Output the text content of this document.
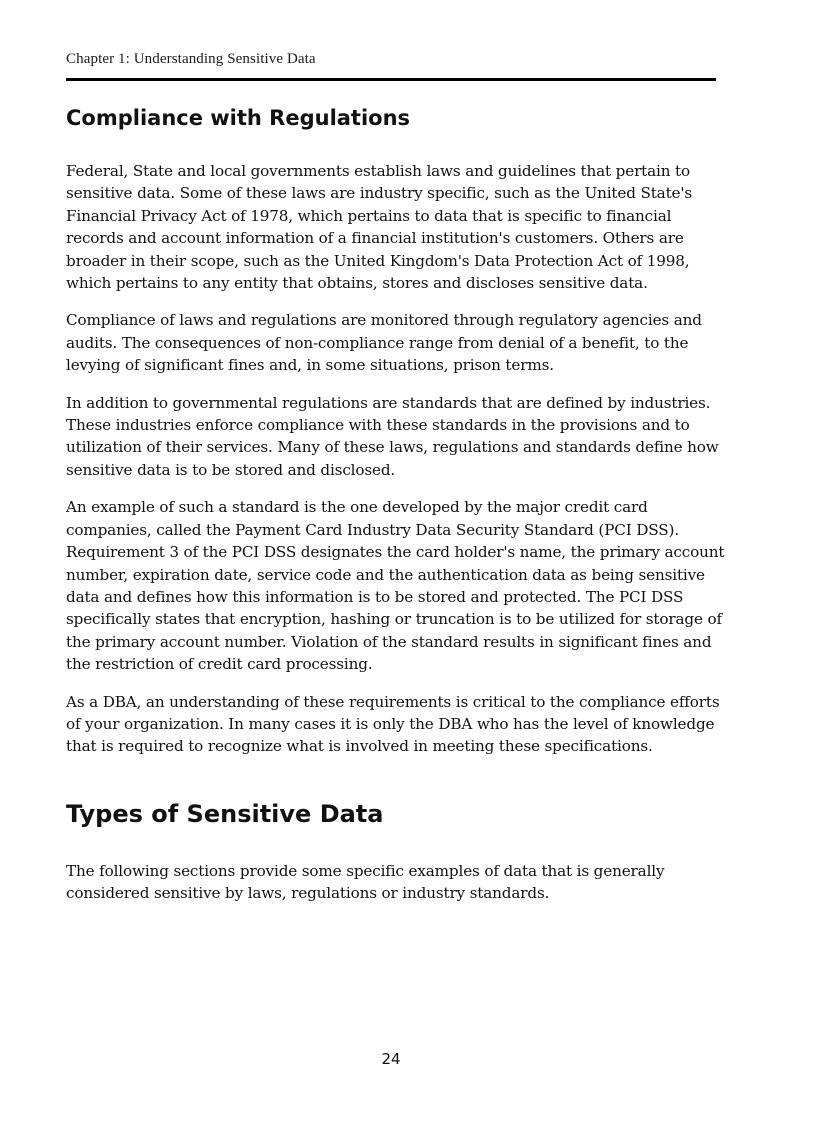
Chapter 1: Understanding Sensitive Data
Compliance with Regulations

Federal, State and local governments establish laws and guidelines that pertain to sensitive data. Some of these laws are industry specific, such as the United State's Financial Privacy Act of 1978, which pertains to data that is specific to financial records and account information of a financial institution's customers. Others are broader in their scope, such as the United Kingdom's Data Protection Act of 1998, which pertains to any entity that obtains, stores and discloses sensitive data.

Compliance of laws and regulations are monitored through regulatory agencies and audits. The consequences of non-compliance range from denial of a benefit, to the levying of significant fines and, in some situations, prison terms.

In addition to governmental regulations are standards that are defined by industries. These industries enforce compliance with these standards in the provisions and to utilization of their services. Many of these laws, regulations and standards define how sensitive data is to be stored and disclosed.

An example of such a standard is the one developed by the major credit card companies, called the Payment Card Industry Data Security Standard (PCI DSS). Requirement 3 of the PCI DSS designates the card holder's name, the primary account number, expiration date, service code and the authentication data as being sensitive data and defines how this information is to be stored and protected. The PCI DSS specifically states that encryption, hashing or truncation is to be utilized for storage of the primary account number. Violation of the standard results in significant fines and the restriction of credit card processing.

As a DBA, an understanding of these requirements is critical to the compliance efforts of your organization. In many cases it is only the DBA who has the level of knowledge that is required to recognize what is involved in meeting these specifications.

Types of Sensitive Data

The following sections provide some specific examples of data that is generally considered sensitive by laws, regulations or industry standards.

24
